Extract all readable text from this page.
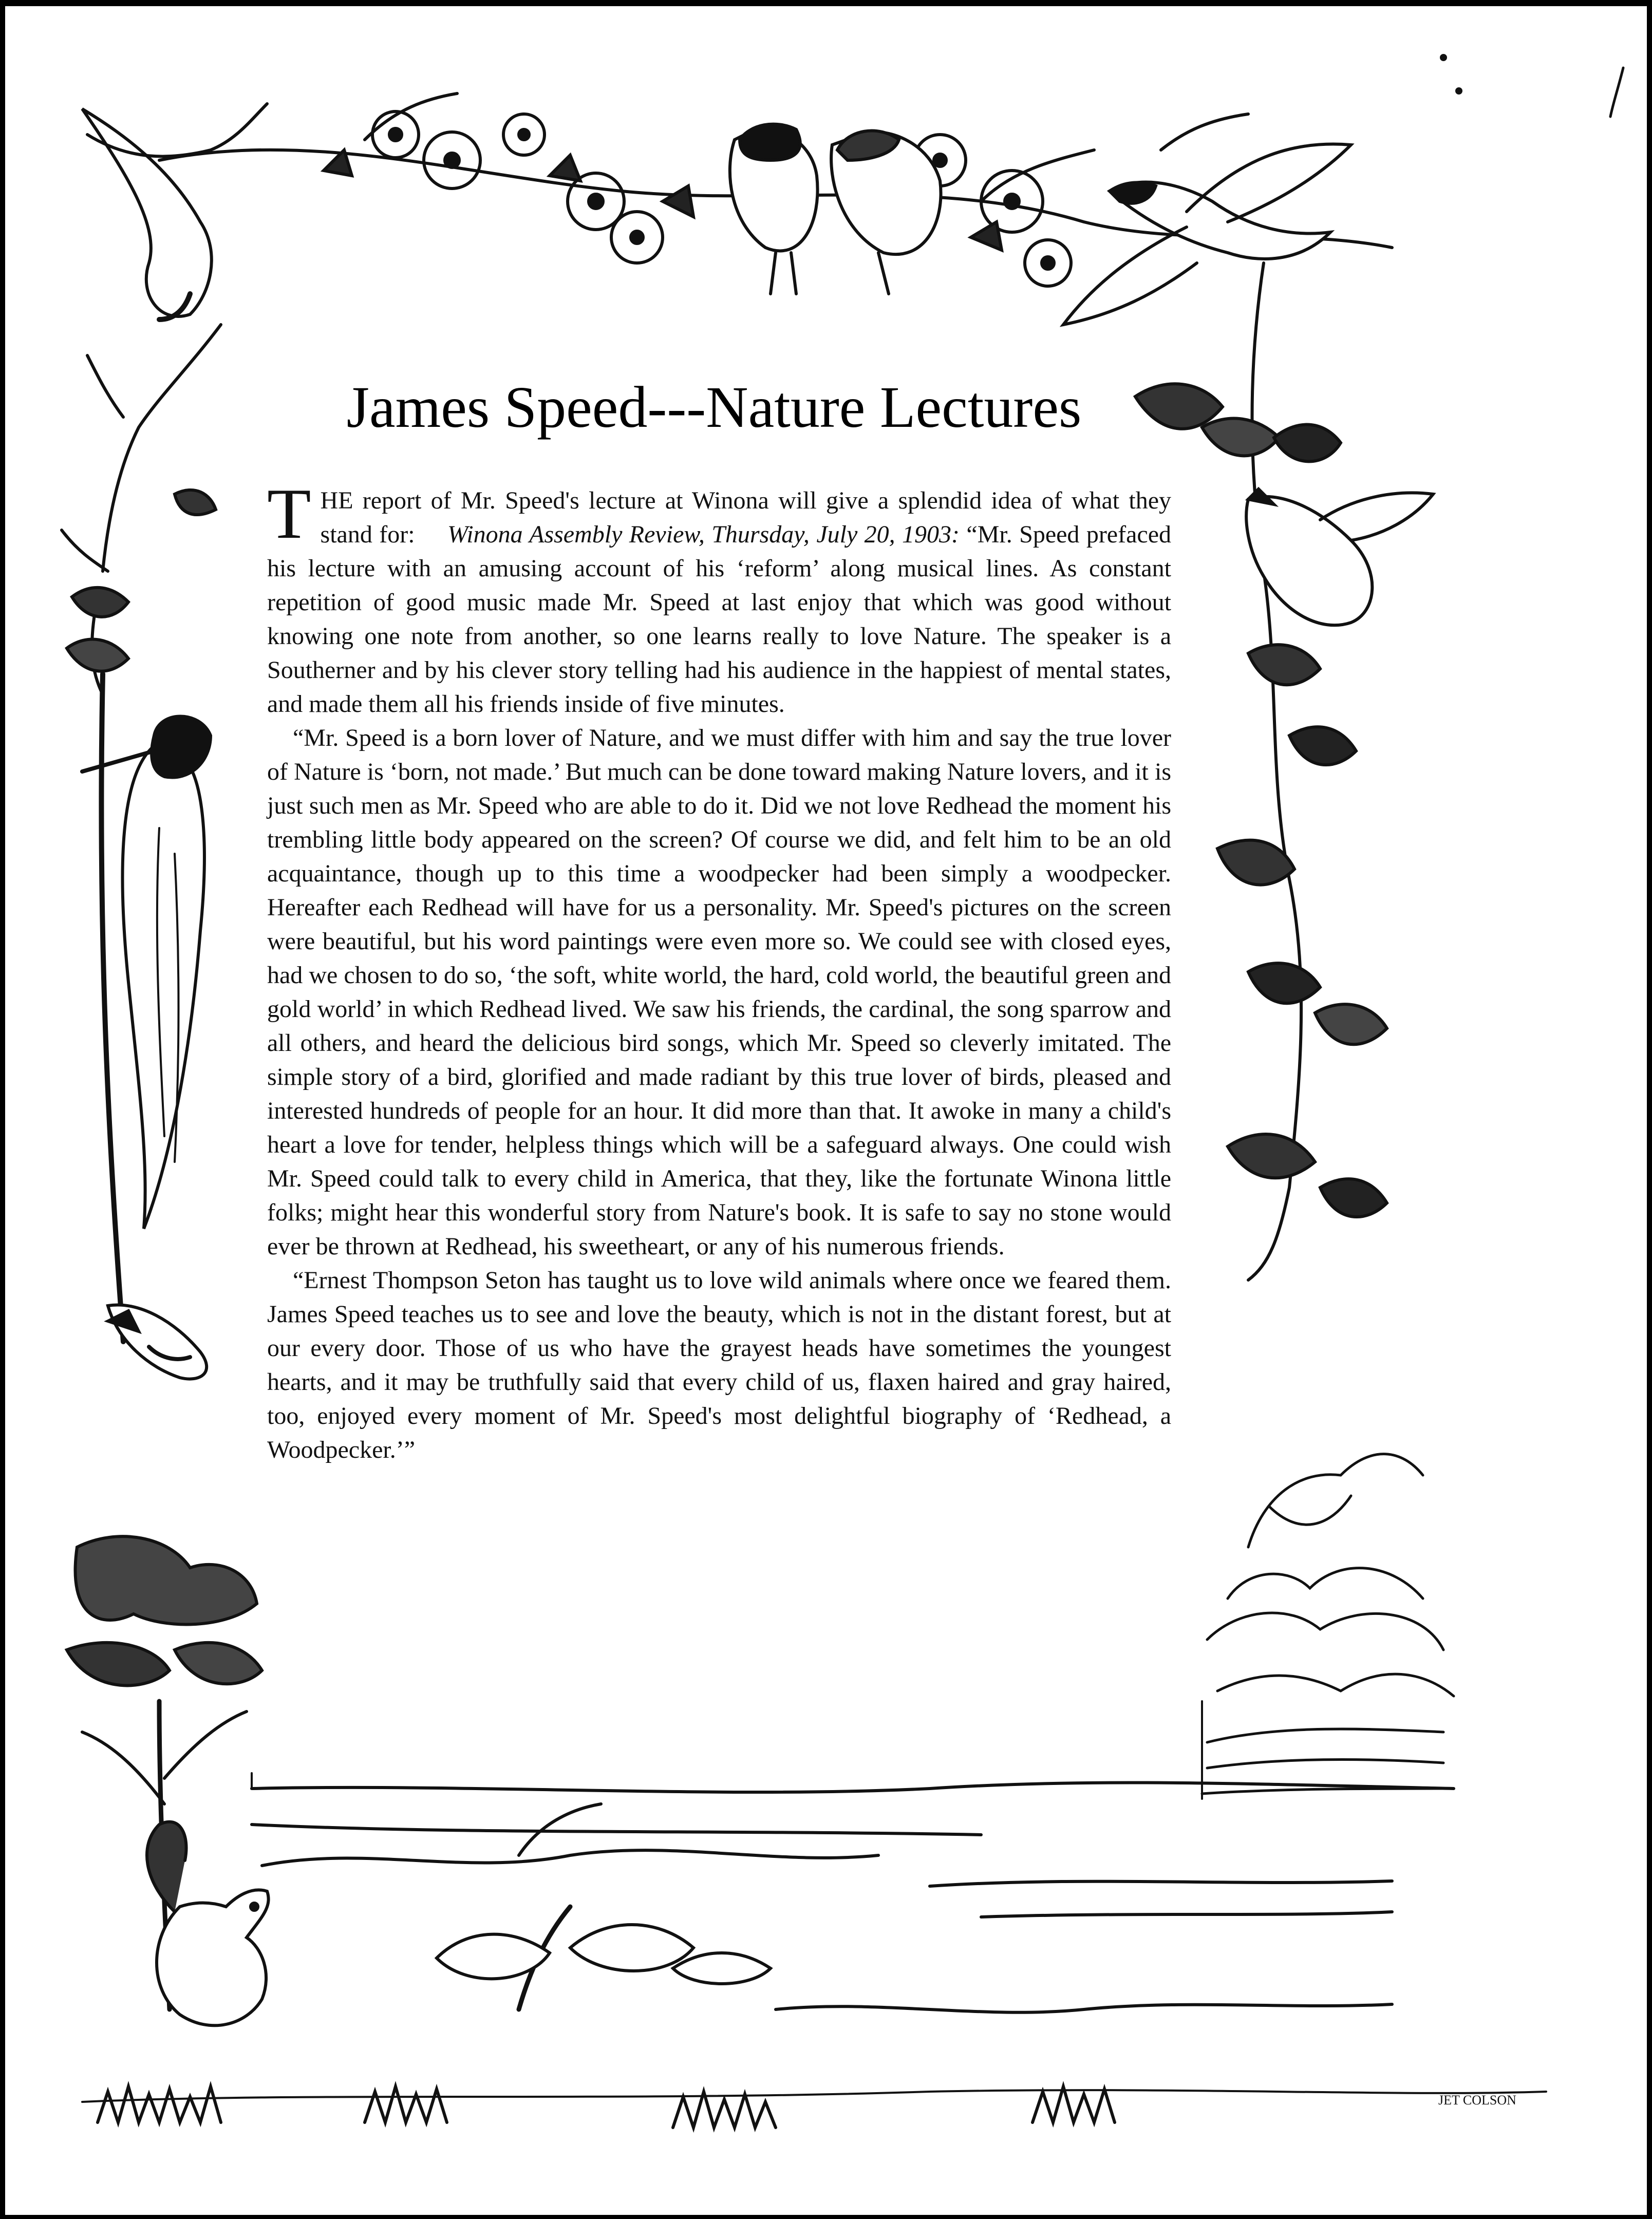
JET COLSON
James Speed---Nature Lectures

THE report of Mr. Speed's lecture at Winona will give a splendid idea of what they stand for: Winona Assembly Review, Thursday, July 20, 1903: “Mr. Speed prefaced his lecture with an amusing account of his ‘reform’ along musical lines. As constant repetition of good music made Mr. Speed at last enjoy that which was good without knowing one note from another, so one learns really to love Nature. The speaker is a Southerner and by his clever story telling had his audience in the happiest of mental states, and made them all his friends inside of five minutes.

“Mr. Speed is a born lover of Nature, and we must differ with him and say the true lover of Nature is ‘born, not made.’ But much can be done toward making Nature lovers, and it is just such men as Mr. Speed who are able to do it. Did we not love Redhead the moment his trembling little body appeared on the screen? Of course we did, and felt him to be an old acquaintance, though up to this time a woodpecker had been simply a woodpecker. Hereafter each Redhead will have for us a personality. Mr. Speed's pictures on the screen were beautiful, but his word paintings were even more so. We could see with closed eyes, had we chosen to do so, ‘the soft, white world, the hard, cold world, the beautiful green and gold world’ in which Redhead lived. We saw his friends, the cardinal, the song sparrow and all others, and heard the delicious bird songs, which Mr. Speed so cleverly imitated. The simple story of a bird, glorified and made radiant by this true lover of birds, pleased and interested hundreds of people for an hour. It did more than that. It awoke in many a child's heart a love for tender, helpless things which will be a safeguard always. One could wish Mr. Speed could talk to every child in America, that they, like the fortunate Winona little folks; might hear this wonderful story from Nature's book. It is safe to say no stone would ever be thrown at Redhead, his sweetheart, or any of his numerous friends.

“Ernest Thompson Seton has taught us to love wild animals where once we feared them. James Speed teaches us to see and love the beauty, which is not in the distant forest, but at our every door. Those of us who have the grayest heads have sometimes the youngest hearts, and it may be truthfully said that every child of us, flaxen haired and gray haired, too, enjoyed every moment of Mr. Speed's most delightful biography of ‘Redhead, a Woodpecker.’”
